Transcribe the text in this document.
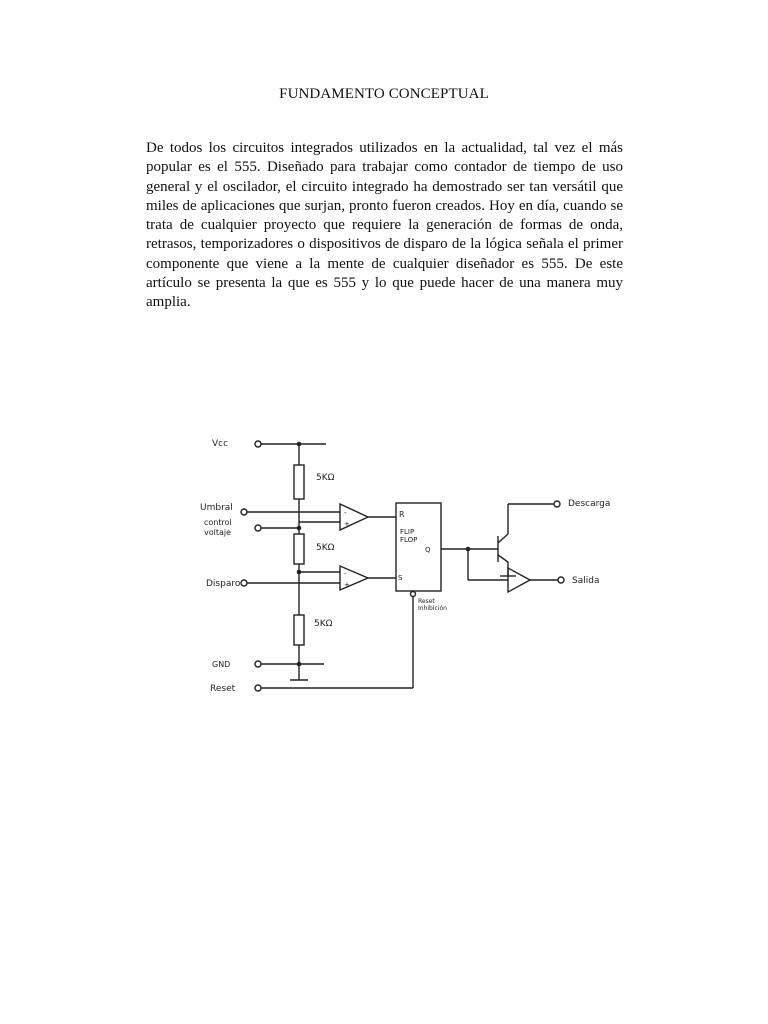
FUNDAMENTO CONCEPTUAL

De todos los circuitos integrados utilizados en la actualidad, tal vez el más popular es el 555. Diseñado para trabajar como contador de tiempo de uso general y el oscilador, el circuito integrado ha demostrado ser tan versátil que miles de aplicaciones que surjan, pronto fueron creados. Hoy en día, cuando se trata de cualquier proyecto que requiere la generación de formas de onda, retrasos, temporizadores o dispositivos de disparo de la lógica señala el primer componente que viene a la mente de cualquier diseñador es 555. De este artículo se presenta la que es 555 y lo que puede hacer de una manera muy amplia.

Vcc
5KΩ
Umbral
control
voltaje
5KΩ
Disparo
5KΩ
GND
Reset
-
+
-
+
R
FLIP
FLOP
Q
S
Reset
Inhibición
Descarga
Salida
